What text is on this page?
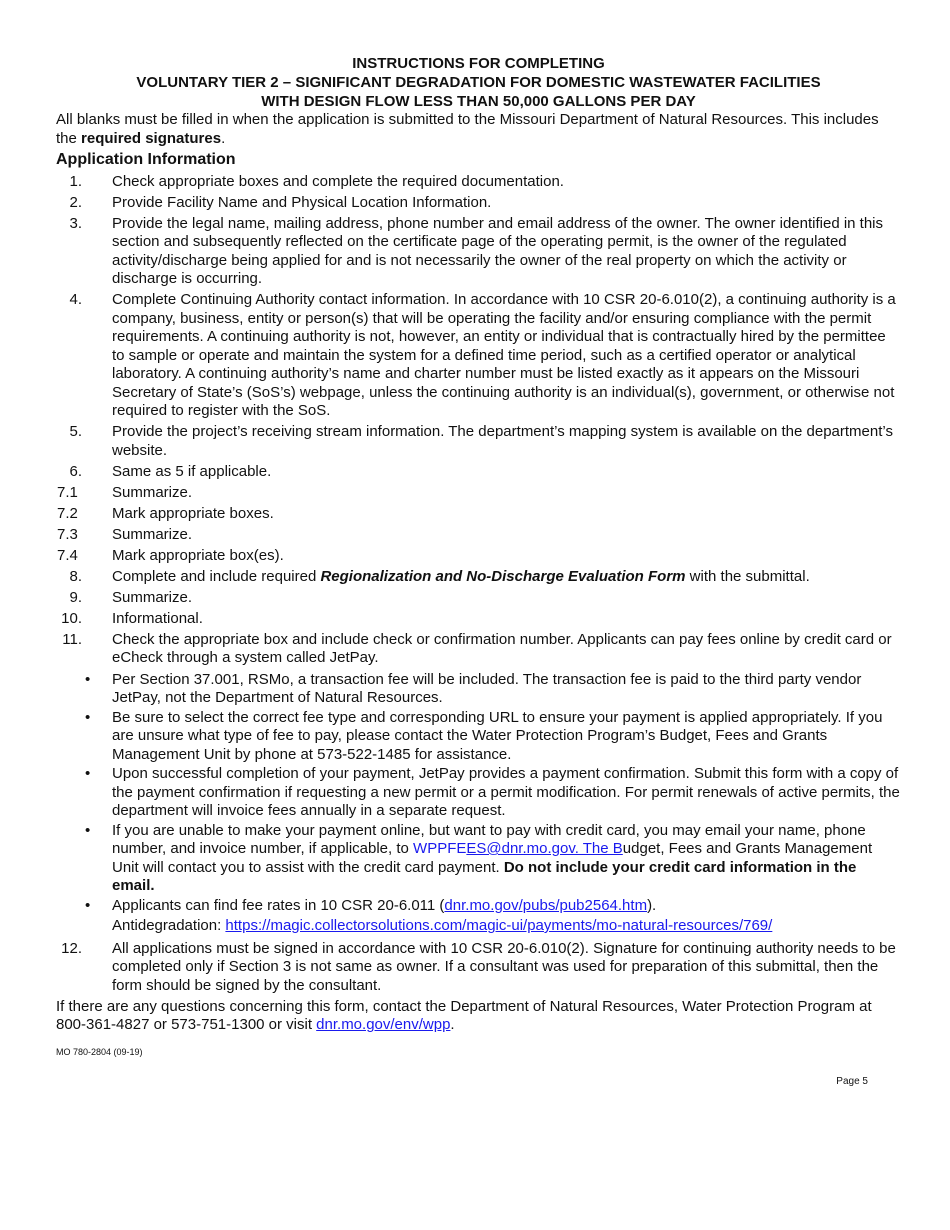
INSTRUCTIONS FOR COMPLETING
VOLUNTARY TIER 2 – SIGNIFICANT DEGRADATION FOR DOMESTIC WASTEWATER FACILITIES
WITH DESIGN FLOW LESS THAN 50,000 GALLONS PER DAY
All blanks must be filled in when the application is submitted to the Missouri Department of Natural Resources. This includes the required signatures.
Application Information
1. Check appropriate boxes and complete the required documentation.
2. Provide Facility Name and Physical Location Information.
3. Provide the legal name, mailing address, phone number and email address of the owner. The owner identified in this section and subsequently reflected on the certificate page of the operating permit, is the owner of the regulated activity/discharge being applied for and is not necessarily the owner of the real property on which the activity or discharge is occurring.
4. Complete Continuing Authority contact information. In accordance with 10 CSR 20-6.010(2), a continuing authority is a company, business, entity or person(s) that will be operating the facility and/or ensuring compliance with the permit requirements. A continuing authority is not, however, an entity or individual that is contractually hired by the permittee to sample or operate and maintain the system for a defined time period, such as a certified operator or analytical laboratory. A continuing authority’s name and charter number must be listed exactly as it appears on the Missouri Secretary of State’s (SoS’s) webpage, unless the continuing authority is an individual(s), government, or otherwise not required to register with the SoS.
5. Provide the project’s receiving stream information. The department’s mapping system is available on the department’s website.
6. Same as 5 if applicable.
7.1	Summarize.
7.2	Mark appropriate boxes.
7.3	Summarize.
7.4	Mark appropriate box(es).
8. Complete and include required Regionalization and No-Discharge Evaluation Form with the submittal.
9. Summarize.
10. Informational.
11. Check the appropriate box and include check or confirmation number. Applicants can pay fees online by credit card or eCheck through a system called JetPay.
• Per Section 37.001, RSMo, a transaction fee will be included. The transaction fee is paid to the third party vendor JetPay, not the Department of Natural Resources.
• Be sure to select the correct fee type and corresponding URL to ensure your payment is applied appropriately. If you are unsure what type of fee to pay, please contact the Water Protection Program’s Budget, Fees and Grants Management Unit by phone at 573-522-1485 for assistance.
• Upon successful completion of your payment, JetPay provides a payment confirmation. Submit this form with a copy of the payment confirmation if requesting a new permit or a permit modification. For permit renewals of active permits, the department will invoice fees annually in a separate request.
• If you are unable to make your payment online, but want to pay with credit card, you may email your name, phone number, and invoice number, if applicable, to WPPFEES@dnr.mo.gov. The Budget, Fees and Grants Management Unit will contact you to assist with the credit card payment. Do not include your credit card information in the email.
• Applicants can find fee rates in 10 CSR 20-6.011 (dnr.mo.gov/pubs/pub2564.htm).
Antidegradation: https://magic.collectorsolutions.com/magic-ui/payments/mo-natural-resources/769/
12. All applications must be signed in accordance with 10 CSR 20-6.010(2). Signature for continuing authority needs to be completed only if Section 3 is not same as owner. If a consultant was used for preparation of this submittal, then the form should be signed by the consultant.
If there are any questions concerning this form, contact the Department of Natural Resources, Water Protection Program at 800-361-4827 or 573-751-1300 or visit dnr.mo.gov/env/wpp.
MO 780-2804 (09-19)
Page 5
